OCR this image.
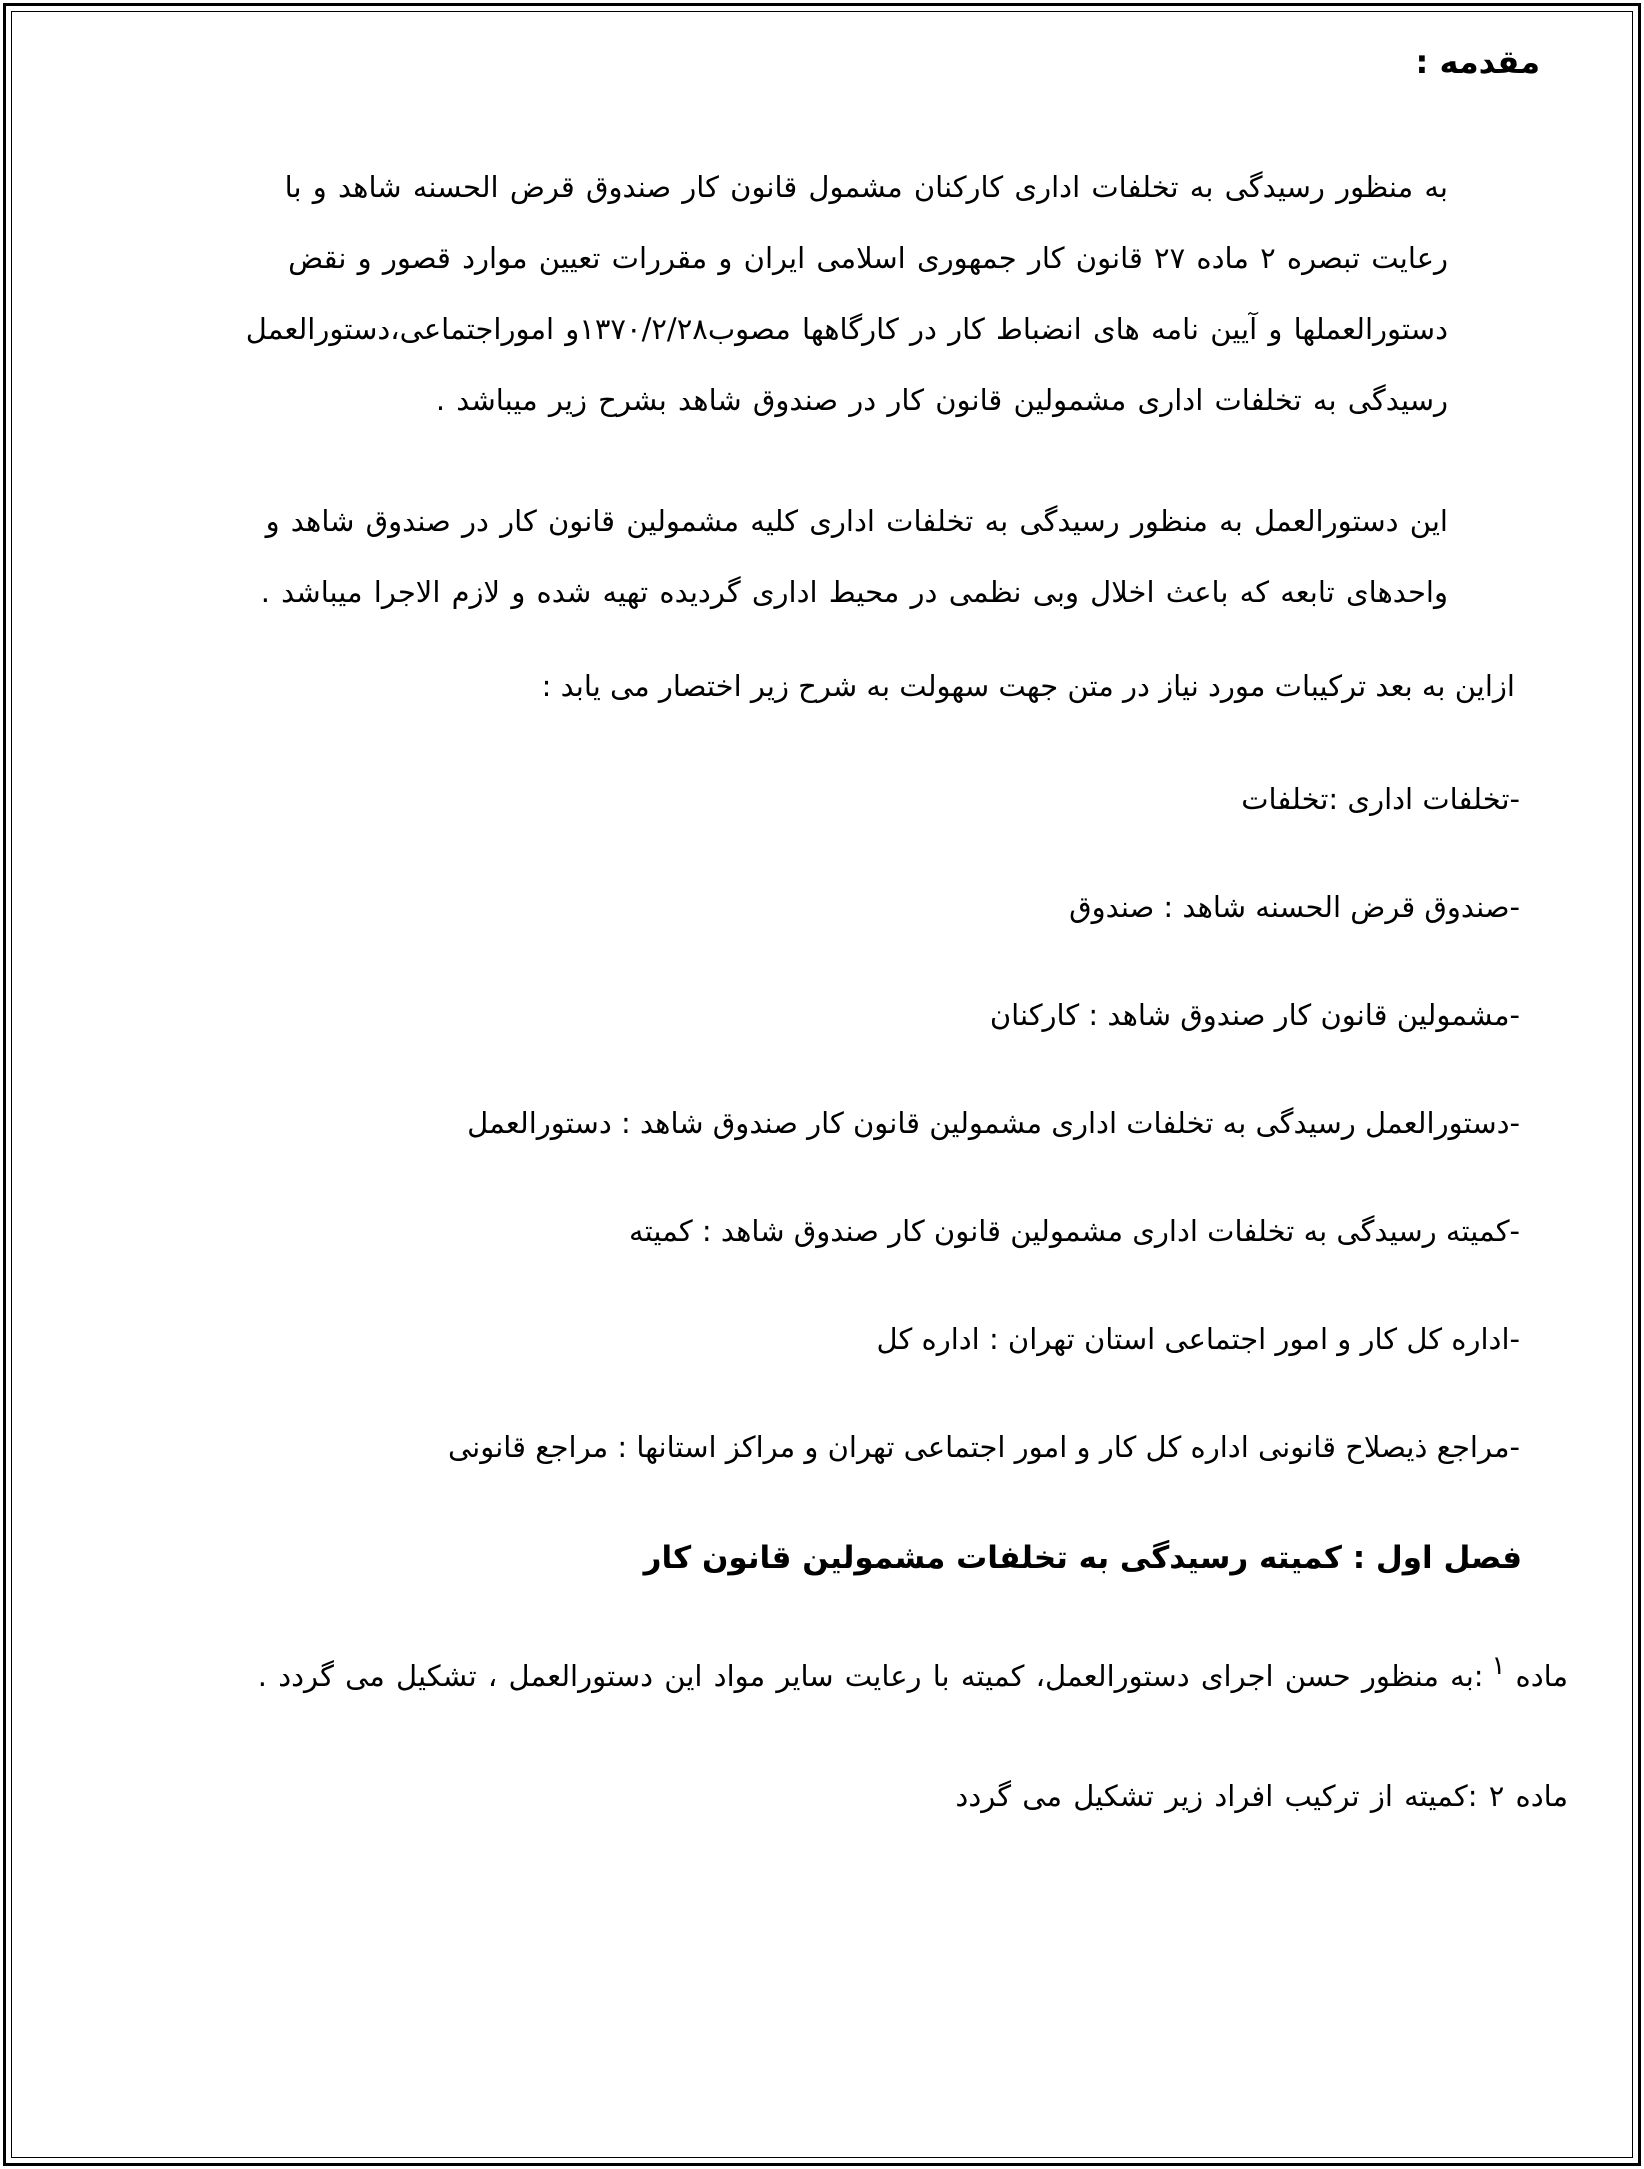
مقدمه :
به منظور رسیدگی به تخلفات اداری کارکنان مشمول قانون کار صندوق قرض الحسنه شاهد و با
رعایت تبصره ۲ ماده ۲۷ قانون کار جمهوری اسلامی ایران و مقررات تعیین موارد قصور و نقض
دستورالعملها و آیین نامه های انضباط کار در کارگاهها مصوب۱۳۷۰/۲/۲۸و اموراجتماعی،دستورالعمل
رسیدگی به تخلفات اداری مشمولین قانون کار در صندوق شاهد بشرح زیر میباشد .
این دستورالعمل به منظور رسیدگی به تخلفات اداری کلیه مشمولین قانون کار در صندوق شاهد و
واحدهای تابعه که باعث اخلال وبی نظمی در محیط اداری گردیده تهیه شده و لازم الاجرا میباشد .
ازاین به بعد ترکیبات مورد نیاز در متن جهت سهولت به شرح زیر اختصار می یابد :
-تخلفات اداری :تخلفات
-صندوق قرض الحسنه شاهد : صندوق
-مشمولین قانون کار صندوق شاهد : کارکنان
-دستورالعمل رسیدگی به تخلفات اداری مشمولین قانون کار صندوق شاهد : دستورالعمل
-کمیته رسیدگی به تخلفات اداری مشمولین قانون کار صندوق شاهد : کمیته
-اداره کل کار و امور اجتماعی استان تهران : اداره کل
-مراجع ذیصلاح قانونی اداره کل کار و امور اجتماعی تهران و مراکز استانها : مراجع قانونی
فصل اول : کمیته رسیدگی به تخلفات مشمولین قانون کار
ماده۱:به منظور حسن اجرای دستورالعمل، کمیته با رعایت سایر مواد این دستورالعمل ، تشکیل می گردد .
ماده ۲ :کمیته از ترکیب افراد زیر تشکیل می گردد
